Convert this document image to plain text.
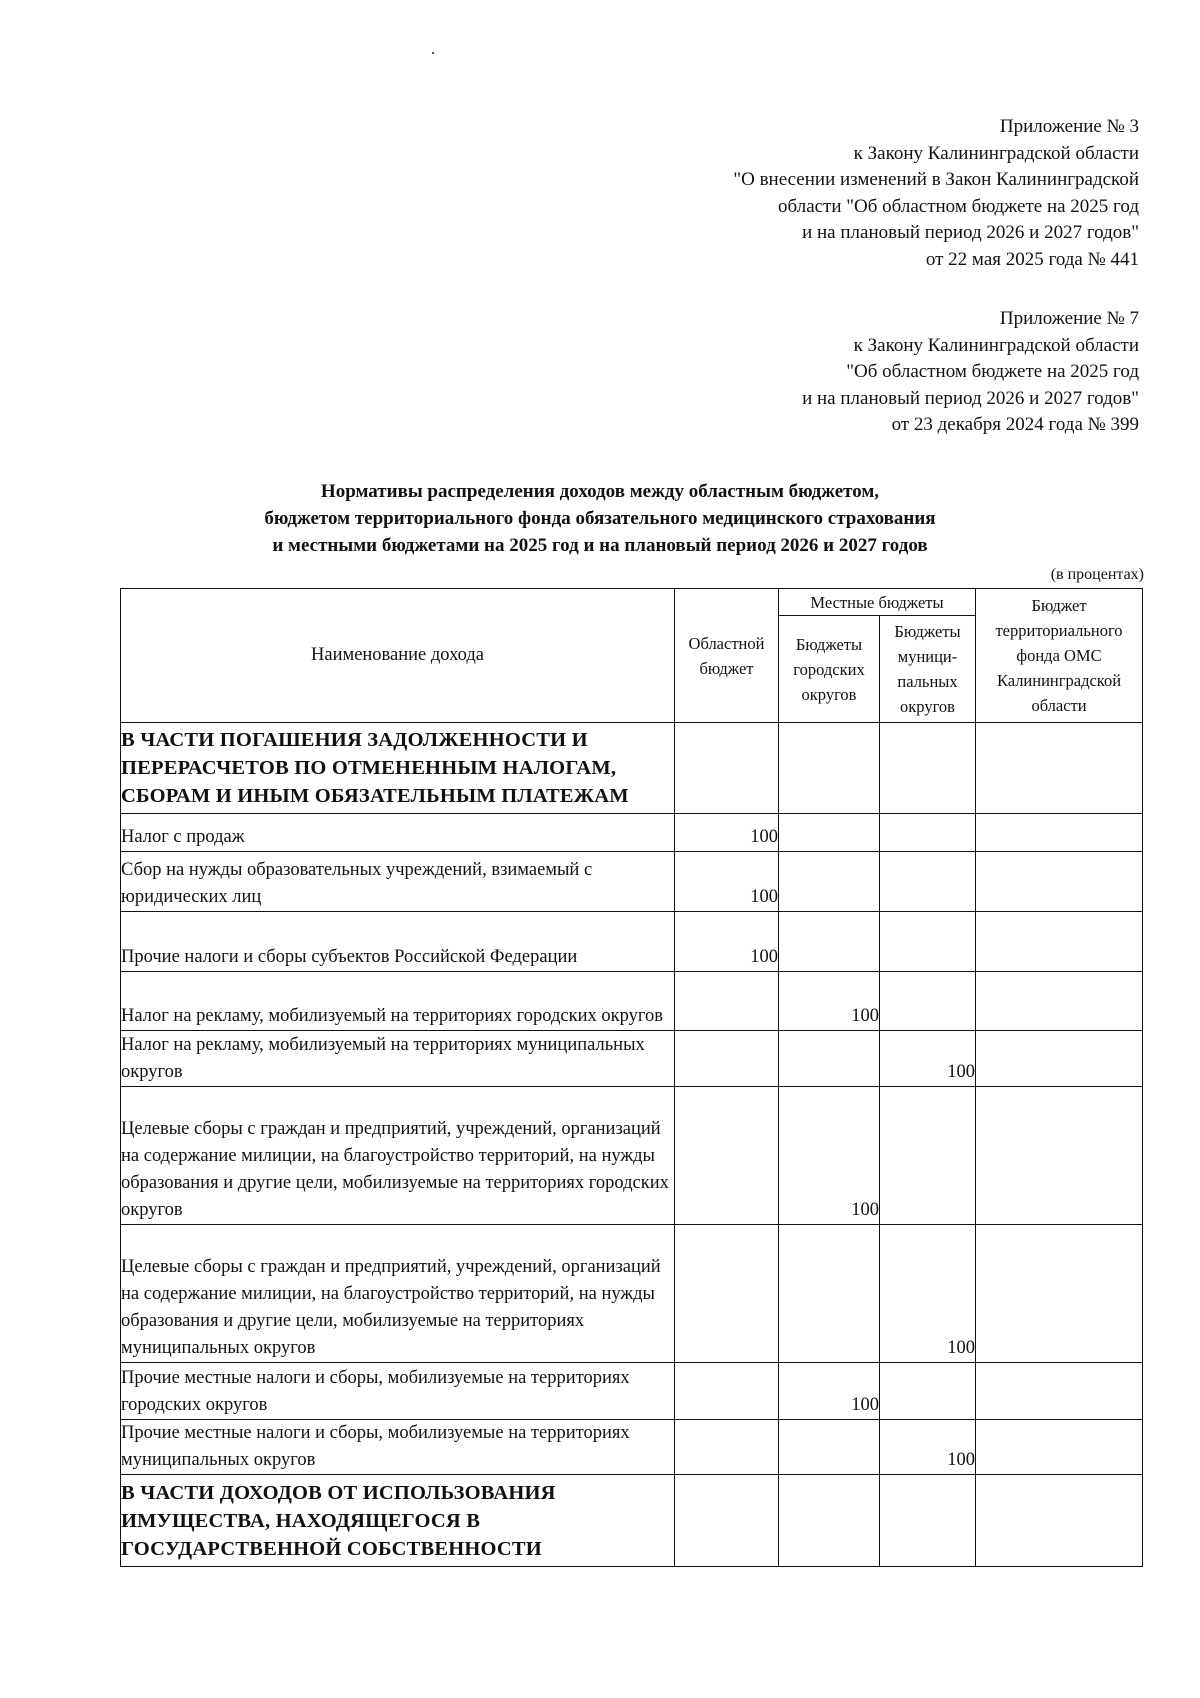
Приложение № 3
к Закону Калининградской области
"О внесении изменений в Закон Калининградской
области "Об областном бюджете на 2025 год
и на плановый период 2026 и 2027 годов"
от 22 мая 2025 года № 441
Приложение № 7
к Закону Калининградской области
"Об областном бюджете на 2025 год
и на плановый период 2026 и 2027 годов"
от 23 декабря 2024 года № 399
Нормативы распределения доходов между областным бюджетом,
бюджетом территориального фонда обязательного медицинского страхования
и местными бюджетами на 2025 год и на плановый период 2026 и 2027 годов
(в процентах)
Наименование дохода	Областной бюджет	Местные бюджеты		Бюджет территориального фонда ОМС Калининградской области
		Бюджеты городских округов	Бюджеты муници-пальных округов	
В ЧАСТИ ПОГАШЕНИЯ ЗАДОЛЖЕННОСТИ И ПЕРЕРАСЧЕТОВ ПО ОТМЕНЕННЫМ НАЛОГАМ, СБОРАМ И ИНЫМ ОБЯЗАТЕЛЬНЫМ ПЛАТЕЖАМ				
Налог с продаж	100			
Сбор на нужды образовательных учреждений, взимаемый с юридических лиц	100			
Прочие налоги и сборы субъектов Российской Федерации	100			
Налог на рекламу, мобилизуемый на территориях городских округов		100		
Налог на рекламу, мобилизуемый на территориях муниципальных округов			100	
Целевые сборы с граждан и предприятий, учреждений, организаций на содержание милиции, на благоустройство территорий, на нужды образования и другие цели, мобилизуемые на территориях городских округов		100		
Целевые сборы с граждан и предприятий, учреждений, организаций на содержание милиции, на благоустройство территорий, на нужды образования и другие цели, мобилизуемые на территориях муниципальных округов			100	
Прочие местные налоги и сборы, мобилизуемые на территориях городских округов		100		
Прочие местные налоги и сборы, мобилизуемые на территориях муниципальных округов			100	
В ЧАСТИ ДОХОДОВ ОТ ИСПОЛЬЗОВАНИЯ ИМУЩЕСТВА, НАХОДЯЩЕГОСЯ В ГОСУДАРСТВЕННОЙ СОБСТВЕННОСТИ				
